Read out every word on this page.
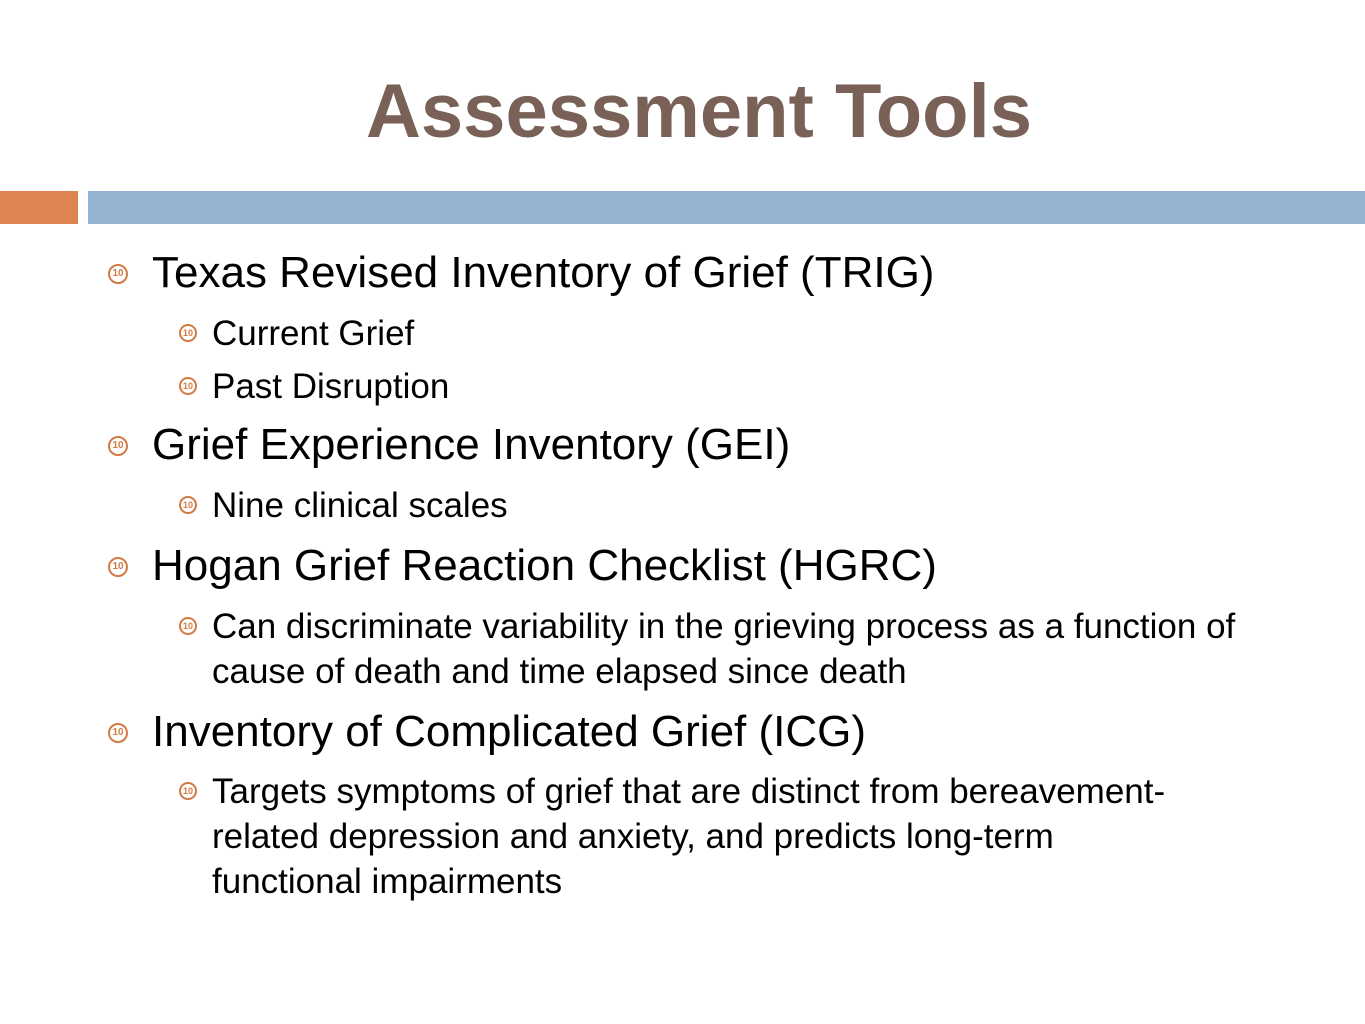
Assessment Tools
10 Texas Revised Inventory of Grief (TRIG)
10 Current Grief
10 Past Disruption
10 Grief Experience Inventory (GEI)
10 Nine clinical scales
10 Hogan Grief Reaction Checklist (HGRC)
10 Can discriminate variability in the grieving process as a function of cause of death and time elapsed since death
10 Inventory of Complicated Grief (ICG)
10 Targets symptoms of grief that are distinct from bereavement-related depression and anxiety, and predicts long-term functional impairments
